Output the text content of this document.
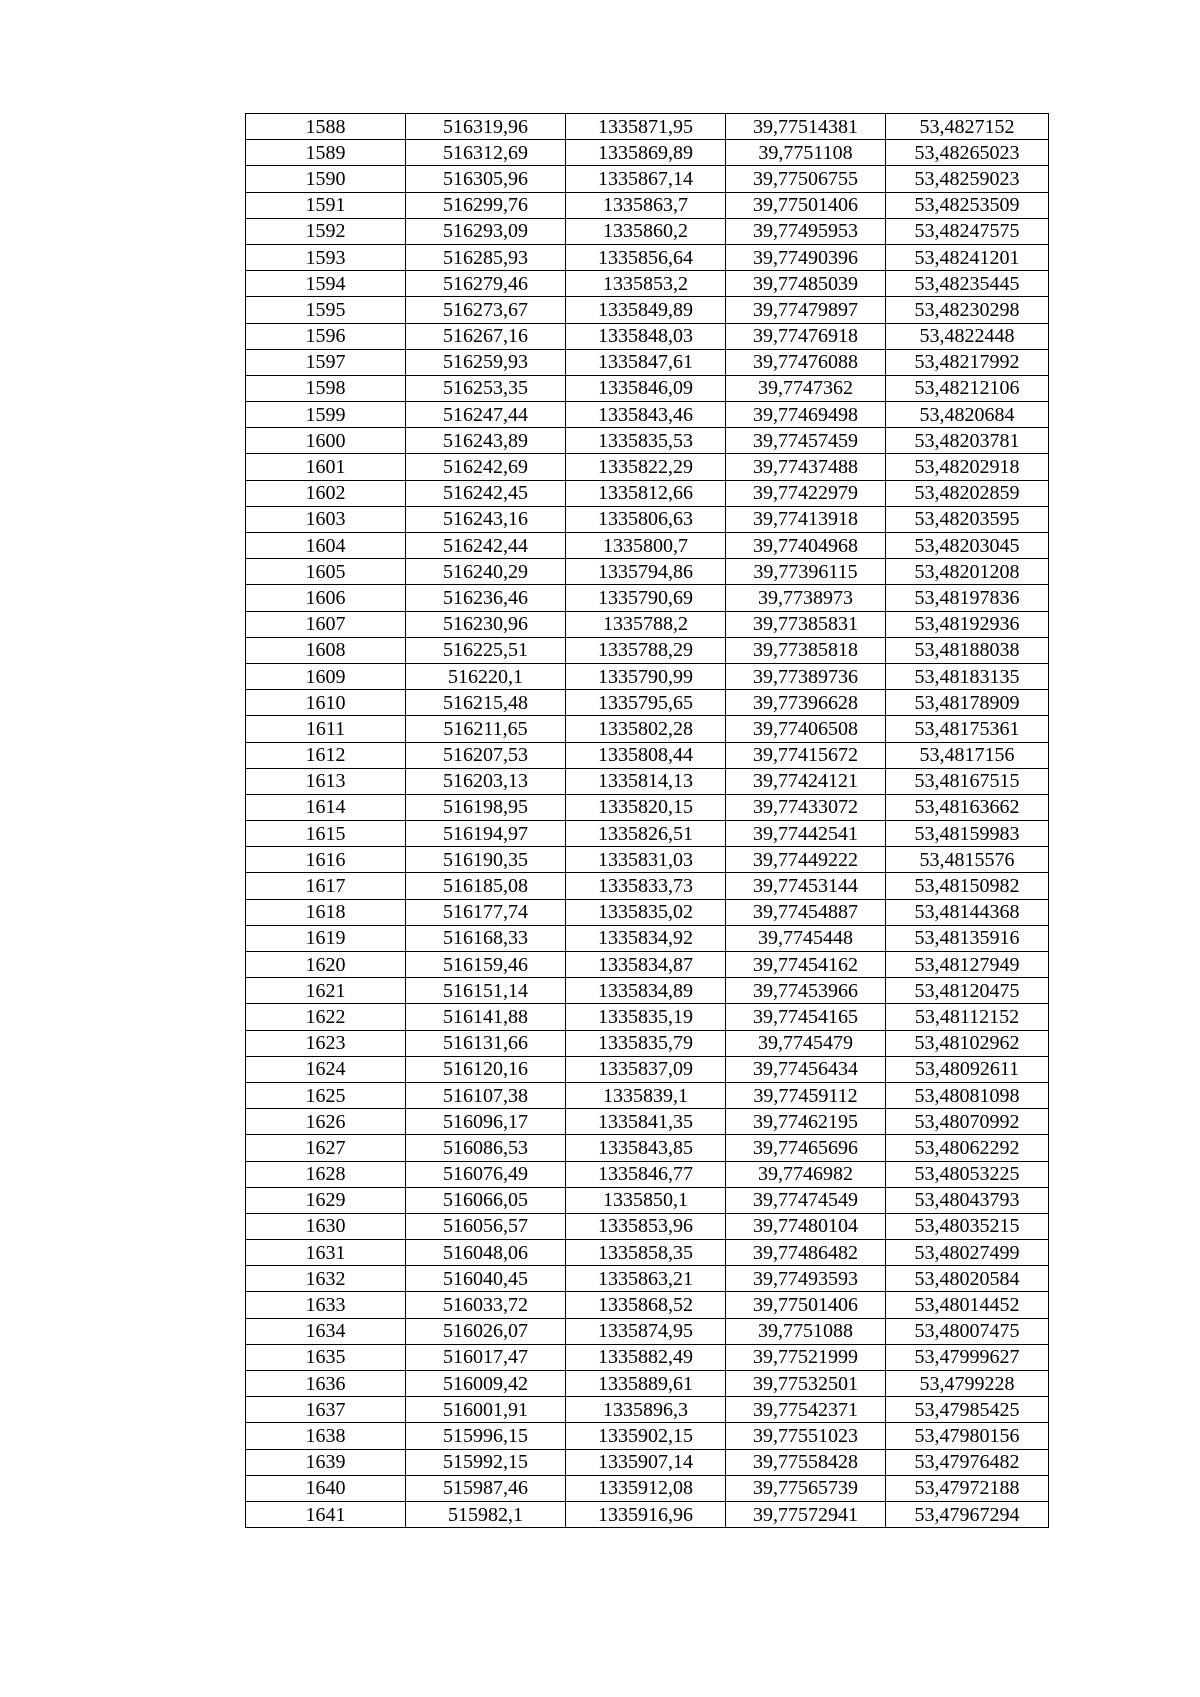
1588	516319,96	1335871,95	39,77514381	53,4827152
1589	516312,69	1335869,89	39,7751108	53,48265023
1590	516305,96	1335867,14	39,77506755	53,48259023
1591	516299,76	1335863,7	39,77501406	53,48253509
1592	516293,09	1335860,2	39,77495953	53,48247575
1593	516285,93	1335856,64	39,77490396	53,48241201
1594	516279,46	1335853,2	39,77485039	53,48235445
1595	516273,67	1335849,89	39,77479897	53,48230298
1596	516267,16	1335848,03	39,77476918	53,4822448
1597	516259,93	1335847,61	39,77476088	53,48217992
1598	516253,35	1335846,09	39,7747362	53,48212106
1599	516247,44	1335843,46	39,77469498	53,4820684
1600	516243,89	1335835,53	39,77457459	53,48203781
1601	516242,69	1335822,29	39,77437488	53,48202918
1602	516242,45	1335812,66	39,77422979	53,48202859
1603	516243,16	1335806,63	39,77413918	53,48203595
1604	516242,44	1335800,7	39,77404968	53,48203045
1605	516240,29	1335794,86	39,77396115	53,48201208
1606	516236,46	1335790,69	39,7738973	53,48197836
1607	516230,96	1335788,2	39,77385831	53,48192936
1608	516225,51	1335788,29	39,77385818	53,48188038
1609	516220,1	1335790,99	39,77389736	53,48183135
1610	516215,48	1335795,65	39,77396628	53,48178909
1611	516211,65	1335802,28	39,77406508	53,48175361
1612	516207,53	1335808,44	39,77415672	53,4817156
1613	516203,13	1335814,13	39,77424121	53,48167515
1614	516198,95	1335820,15	39,77433072	53,48163662
1615	516194,97	1335826,51	39,77442541	53,48159983
1616	516190,35	1335831,03	39,77449222	53,4815576
1617	516185,08	1335833,73	39,77453144	53,48150982
1618	516177,74	1335835,02	39,77454887	53,48144368
1619	516168,33	1335834,92	39,7745448	53,48135916
1620	516159,46	1335834,87	39,77454162	53,48127949
1621	516151,14	1335834,89	39,77453966	53,48120475
1622	516141,88	1335835,19	39,77454165	53,48112152
1623	516131,66	1335835,79	39,7745479	53,48102962
1624	516120,16	1335837,09	39,77456434	53,48092611
1625	516107,38	1335839,1	39,77459112	53,48081098
1626	516096,17	1335841,35	39,77462195	53,48070992
1627	516086,53	1335843,85	39,77465696	53,48062292
1628	516076,49	1335846,77	39,7746982	53,48053225
1629	516066,05	1335850,1	39,77474549	53,48043793
1630	516056,57	1335853,96	39,77480104	53,48035215
1631	516048,06	1335858,35	39,77486482	53,48027499
1632	516040,45	1335863,21	39,77493593	53,48020584
1633	516033,72	1335868,52	39,77501406	53,48014452
1634	516026,07	1335874,95	39,7751088	53,48007475
1635	516017,47	1335882,49	39,77521999	53,47999627
1636	516009,42	1335889,61	39,77532501	53,4799228
1637	516001,91	1335896,3	39,77542371	53,47985425
1638	515996,15	1335902,15	39,77551023	53,47980156
1639	515992,15	1335907,14	39,77558428	53,47976482
1640	515987,46	1335912,08	39,77565739	53,47972188
1641	515982,1	1335916,96	39,77572941	53,47967294
